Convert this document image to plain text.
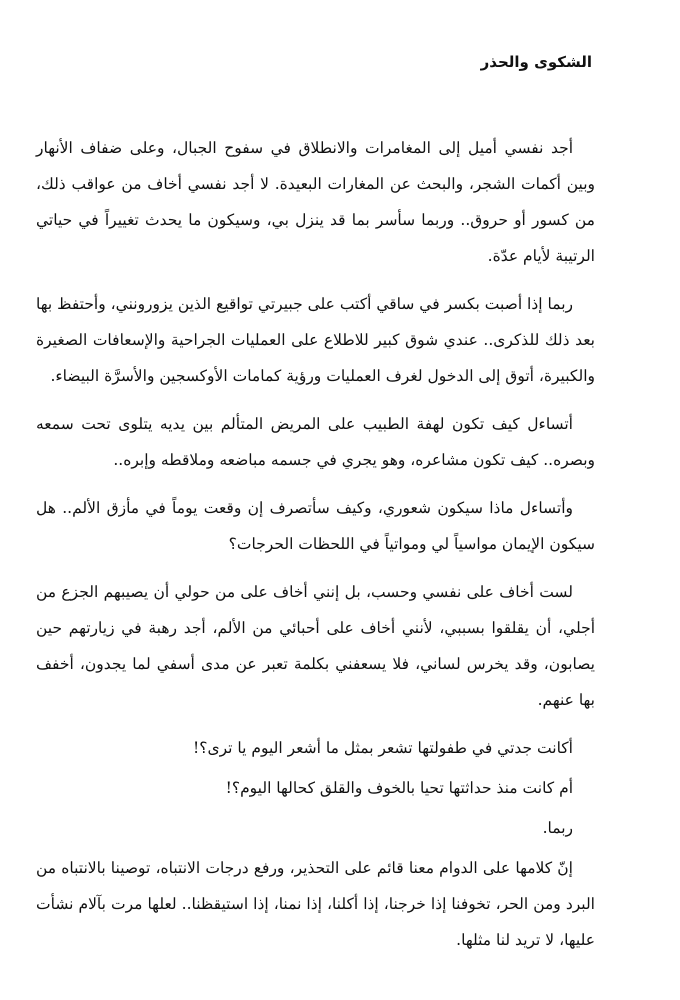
الشكوى والحذر

أجد نفسي أميل إلى المغامرات والانطلاق في سفوح الجبال، وعلى ضفاف الأنهار وبين أكمات الشجر، والبحث عن المغارات البعيدة. لا أجد نفسي أخاف من عواقب ذلك، من كسور أو حروق.. وربما سأسر بما قد ينزل بي، وسيكون ما يحدث تغييراً في حياتي الرتيبة لأيام عدّة.

ربما إذا أصبت بكسر في ساقي أكتب على جبيرتي تواقيع الذين يزورونني، وأحتفظ بها بعد ذلك للذكرى.. عندي شوق كبير للاطلاع على العمليات الجراحية والإسعافات الصغيرة والكبيرة، أتوق إلى الدخول لغرف العمليات ورؤية كمامات الأوكسجين والأسرَّة البيضاء.

أتساءل كيف تكون لهفة الطبيب على المريض المتألم بين يديه يتلوى تحت سمعه وبصره.. كيف تكون مشاعره، وهو يجري في جسمه مباضعه وملاقطه وإبره..

وأتساءل ماذا سيكون شعوري، وكيف سأتصرف إن وقعت يوماً في مأزق الألم.. هل سيكون الإيمان مواسياً لي ومواتياً في اللحظات الحرجات؟

لست أخاف على نفسي وحسب، بل إنني أخاف على من حولي أن يصيبهم الجزع من أجلي، أن يقلقوا بسببي، لأنني أخاف على أحبائي من الألم، أجد رهبة في زيارتهم حين يصابون، وقد يخرس لساني، فلا يسعفني بكلمة تعبر عن مدى أسفي لما يجدون، أخفف بها عنهم.

أكانت جدتي في طفولتها تشعر بمثل ما أشعر اليوم يا ترى؟!

أم كانت منذ حداثتها تحيا بالخوف والقلق كحالها اليوم؟!

ربما.

إنّ كلامها على الدوام معنا قائم على التحذير، ورفع درجات الانتباه، توصينا بالانتباه من البرد ومن الحر، تخوفنا إذا خرجنا، إذا أكلنا، إذا نمنا، إذا استيقظنا.. لعلها مرت بآلام نشأت عليها، لا تريد لنا مثلها.
